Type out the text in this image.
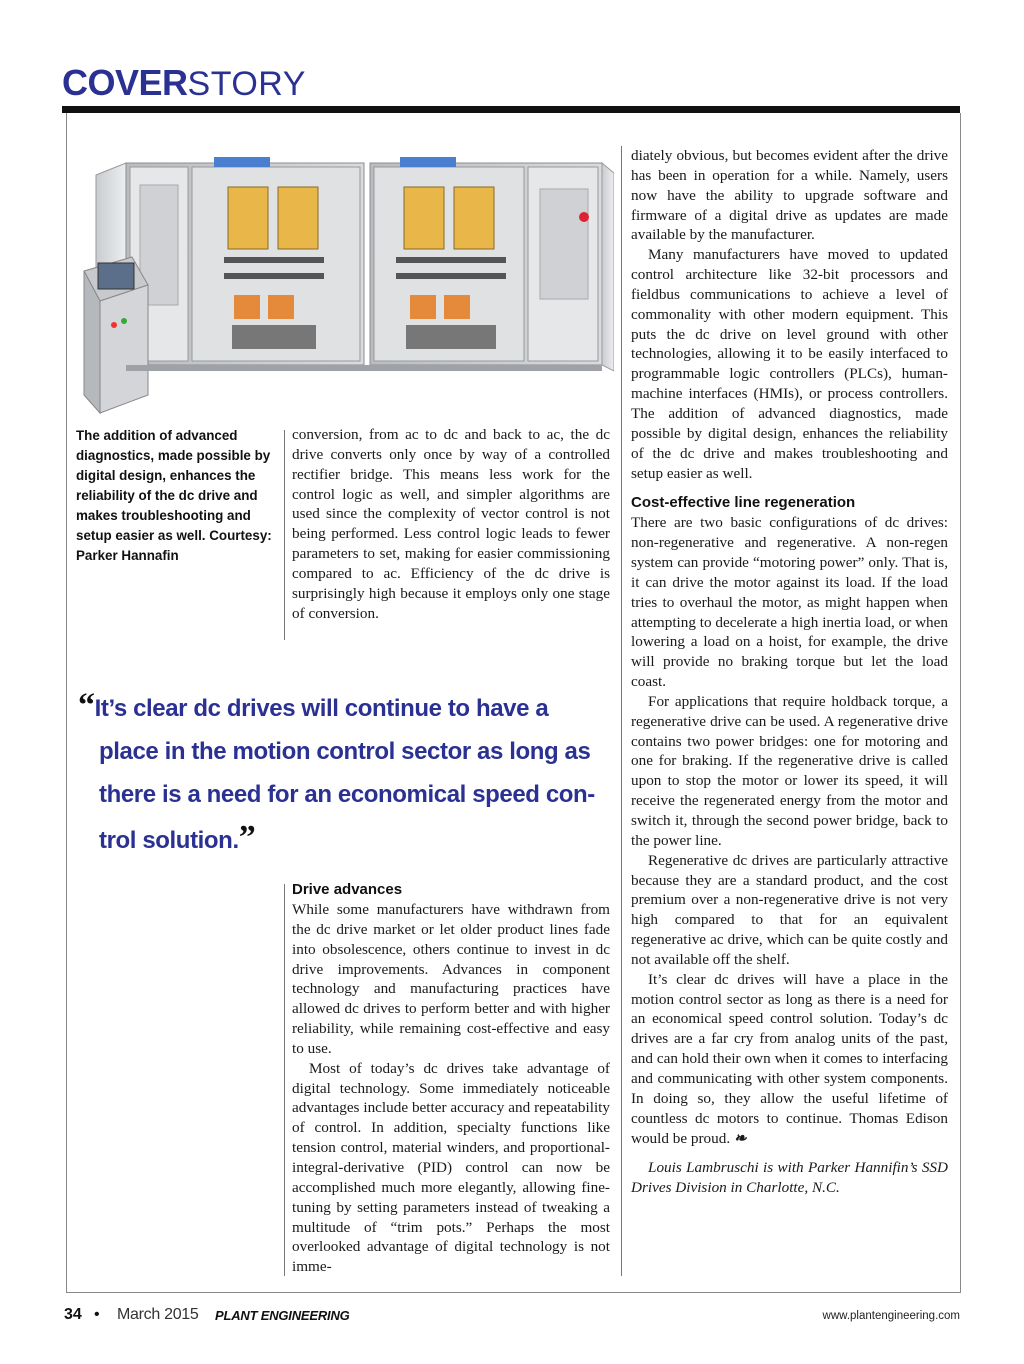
COVERSTORY
The addition of advanced diagnostics, made possible by digital design, enhances the reliability of the dc drive and makes troubleshooting and setup easier as well. Courtesy: Parker Hannafin

conversion, from ac to dc and back to ac, the dc drive converts only once by way of a controlled rectifier bridge. This means less work for the control logic as well, and simpler algorithms are used since the complexity of vector control is not being performed. Less control logic leads to fewer parameters to set, making for easier commissioning compared to ac. Efficiency of the dc drive is surprisingly high because it employs only one stage of conversion.

“It’s clear dc drives will continue to have a
place in the motion control sector as long as
there is a need for an economical speed con-
trol solution.”
Drive advances

While some manufacturers have withdrawn from the dc drive market or let older product lines fade into obsolescence, others continue to invest in dc drive improvements. Advances in component technology and manufacturing practices have allowed dc drives to perform better and with higher reliability, while remaining cost-effective and easy to use.

Most of today’s dc drives take advantage of digital technology. Some immediately noticeable advantages include better accuracy and repeatability of control. In addition, specialty functions like tension control, material winders, and proportional-integral-derivative (PID) control can now be accomplished much more elegantly, allowing fine-tuning by setting parameters instead of tweaking a multitude of “trim pots.” Perhaps the most overlooked advantage of digital technology is not imme-

diately obvious, but becomes evident after the drive has been in operation for a while. Namely, users now have the ability to upgrade software and firmware of a digital drive as updates are made available by the manufacturer.

Many manufacturers have moved to updated control architecture like 32-bit processors and fieldbus communications to achieve a level of commonality with other modern equipment. This puts the dc drive on level ground with other technologies, allowing it to be easily interfaced to programmable logic controllers (PLCs), human-machine interfaces (HMIs), or process controllers. The addition of advanced diagnostics, made possible by digital design, enhances the reliability of the dc drive and makes troubleshooting and setup easier as well.

Cost-effective line regeneration

There are two basic configurations of dc drives: non-regenerative and regenerative. A non-regen system can provide “motoring power” only. That is, it can drive the motor against its load. If the load tries to overhaul the motor, as might happen when attempting to decelerate a high inertia load, or when lowering a load on a hoist, for example, the drive will provide no braking torque but let the load coast.

For applications that require holdback torque, a regenerative drive can be used. A regenerative drive contains two power bridges: one for motoring and one for braking. If the regenerative drive is called upon to stop the motor or lower its speed, it will receive the regenerated energy from the motor and switch it, through the second power bridge, back to the power line.

Regenerative dc drives are particularly attractive because they are a standard product, and the cost premium over a non-regenerative drive is not very high compared to that for an equivalent regenerative ac drive, which can be quite costly and not available off the shelf.

It’s clear dc drives will have a place in the motion control sector as long as there is a need for an economical speed control solution. Today’s dc drives are a far cry from analog units of the past, and can hold their own when it comes to interfacing and communicating with other system components. In doing so, they allow the useful lifetime of countless dc motors to continue. Thomas Edison would be proud. ❧

Louis Lambruschi is with Parker Hannifin’s SSD Drives Division in Charlotte, N.C.

34 • March 2015 PLANT ENGINEERING	www.plantengineering.com
